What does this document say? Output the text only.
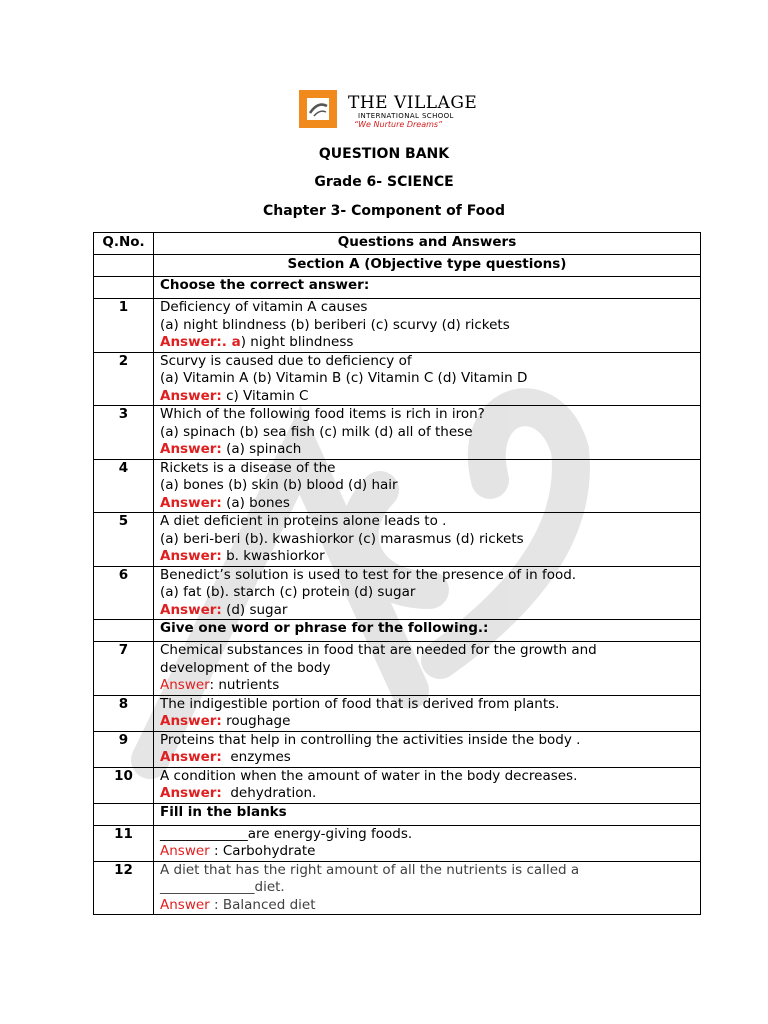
THE VILLAGE
INTERNATIONAL SCHOOL
“We Nurture Dreams”
QUESTION BANK
Grade 6- SCIENCE
Chapter 3- Component of Food
Q.No.	Questions and Answers
	Section A (Objective type questions)
	Choose the correct answer:
1	Deficiency of vitamin A causes
(a) night blindness (b) beriberi (c) scurvy (d) rickets
Answer:. a) night blindness

2	Scurvy is caused due to deficiency of
(a) Vitamin A (b) Vitamin B (c) Vitamin C (d) Vitamin D
Answer: c) Vitamin C

3	Which of the following food items is rich in iron?
(a) spinach (b) sea fish (c) milk (d) all of these
Answer: (a) spinach

4	Rickets is a disease of the
(a) bones (b) skin (b) blood (d) hair
Answer: (a) bones

5	A diet deficient in proteins alone leads to .
(a) beri-beri (b). kwashiorkor (c) marasmus (d) rickets
Answer: b. kwashiorkor

6	Benedict’s solution is used to test for the presence of in food.
(a) fat (b). starch (c) protein (d) sugar
Answer: (d) sugar

	Give one word or phrase for the following.:
7	Chemical substances in food that are needed for the growth and
development of the body
Answer: nutrients

8	The indigestible portion of food that is derived from plants.
Answer: roughage

9	Proteins that help in controlling the activities inside the body .
Answer:  enzymes

10	A condition when the amount of water in the body decreases.
Answer:  dehydration.

	Fill in the blanks
11	_____________are energy-giving foods.
Answer : Carbohydrate

12	A diet that has the right amount of all the nutrients is called a
______________diet.
Answer : Balanced diet
